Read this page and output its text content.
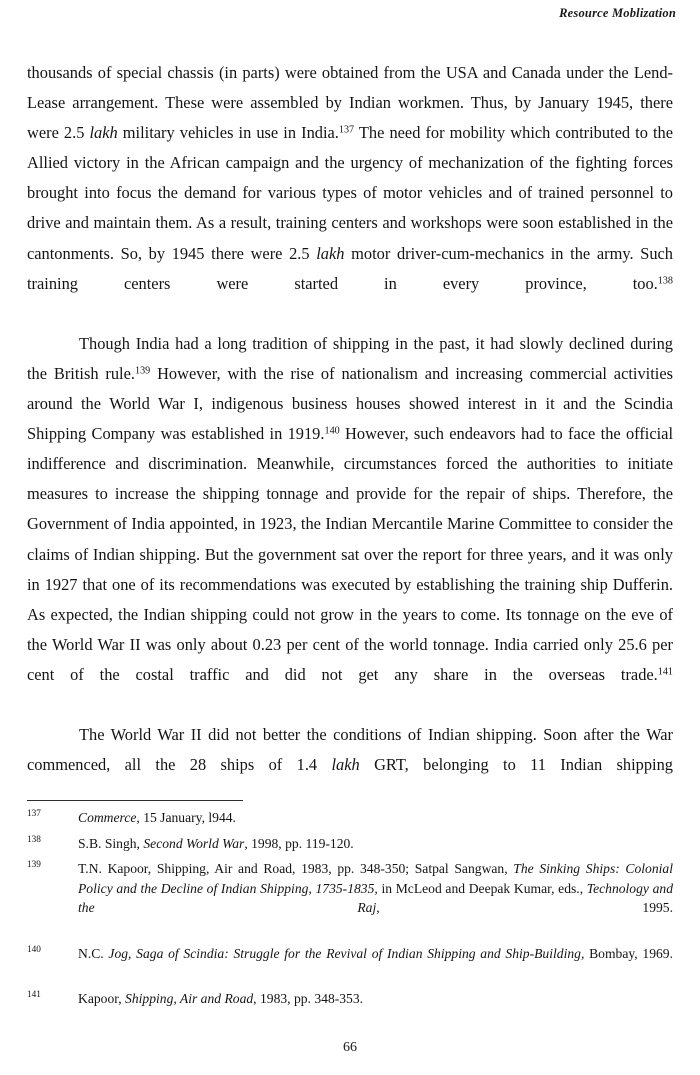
Resource Moblization

thousands of special chassis (in parts) were obtained from the USA and Canada under the Lend-Lease arrangement. These were assembled by Indian workmen. Thus, by January 1945, there were 2.5 lakh military vehicles in use in India.$^{137}$ The need for mobility which contributed to the Allied victory in the African campaign and the urgency of mechanization of the fighting forces brought into focus the demand for various types of motor vehicles and of trained personnel to drive and maintain them. As a result, training centers and workshops were soon established in the cantonments. So, by 1945 there were 2.5 lakh motor driver-cum-mechanics in the army. Such training centers were started in every province, too.$^{138}$

Though India had a long tradition of shipping in the past, it had slowly declined during the British rule.$^{139}$ However, with the rise of nationalism and increasing commercial activities around the World War I, indigenous business houses showed interest in it and the Scindia Shipping Company was established in 1919.$^{140}$ However, such endeavors had to face the official indifference and discrimination. Meanwhile, circumstances forced the authorities to initiate measures to increase the shipping tonnage and provide for the repair of ships. Therefore, the Government of India appointed, in 1923, the Indian Mercantile Marine Committee to consider the claims of Indian shipping. But the government sat over the report for three years, and it was only in 1927 that one of its recommendations was executed by establishing the training ship Dufferin. As expected, the Indian shipping could not grow in the years to come. Its tonnage on the eve of the World War II was only about 0.23 per cent of the world tonnage. India carried only 25.6 per cent of the costal traffic and did not get any share in the overseas trade.$^{141}$

The World War II did not better the conditions of Indian shipping. Soon after the War commenced, all the 28 ships of 1.4 lakh GRT, belonging to 11 Indian shipping

137	Commerce, 15 January, l944.
138	S.B. Singh, Second World War, 1998, pp. 119-120.
139	T.N. Kapoor, Shipping, Air and Road, 1983, pp. 348-350; Satpal Sangwan, The Sinking Ships: Colonial Policy and the Decline of Indian Shipping, 1735-1835, in McLeod and Deepak Kumar, eds., Technology and the Raj, 1995.
140	N.C. Jog, Saga of Scindia: Struggle for the Revival of Indian Shipping and Ship-Building, Bombay, 1969.
141	Kapoor, Shipping, Air and Road, 1983, pp. 348-353.
66
